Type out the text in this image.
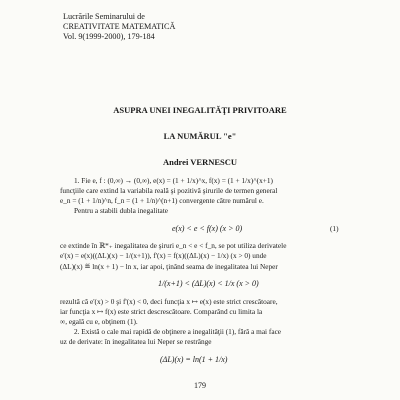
Lucrările Seminarului de
CREATIVITATE MATEMATICĂ
Vol. 9(1999-2000), 179-184
ASUPRA UNEI INEGALITĂŢI PRIVITOARE
LA NUMĂRUL "e"
Andrei VERNESCU
1. Fie e, f : (0,∞) → (0,∞), e(x) = (1 + 1/x)^x, f(x) = (1 + 1/x)^(x+1)
funcţiile care extind la variabila reală şi pozitivă şirurile de termen general
e_n = (1 + 1/n)^n, f_n = (1 + 1/n)^(n+1) convergente către numărul e.
Pentru a stabili dubla inegalitate
e(x) < e < f(x) (x > 0)	(1)
ce extinde în ℝ*₊ inegalitatea de şiruri e_n < e < f_n, se pot utiliza derivatele
e'(x) = e(x)((ΔL)(x) − 1/(x+1)), f'(x) = f(x)((ΔL)(x) − 1/x) (x > 0) unde
(ΔL)(x) ≝ ln(x + 1) − ln x, iar apoi, ţinând seama de inegalitatea lui Neper
1/(x+1) < (ΔL)(x) < 1/x (x > 0)
rezultă că e'(x) > 0 şi f'(x) < 0, deci funcţia x ↦ e(x) este strict crescătoare,
iar funcţia x ↦ f(x) este strict descrescătoare. Comparând cu limita la
∞, egală cu e, obţinem (1).
2. Există o cale mai rapidă de obţinere a inegalităţii (1), fără a mai face
uz de derivate: în inegalitatea lui Neper se restrânge
(ΔL)(x) = ln(1 + 1/x)
179
